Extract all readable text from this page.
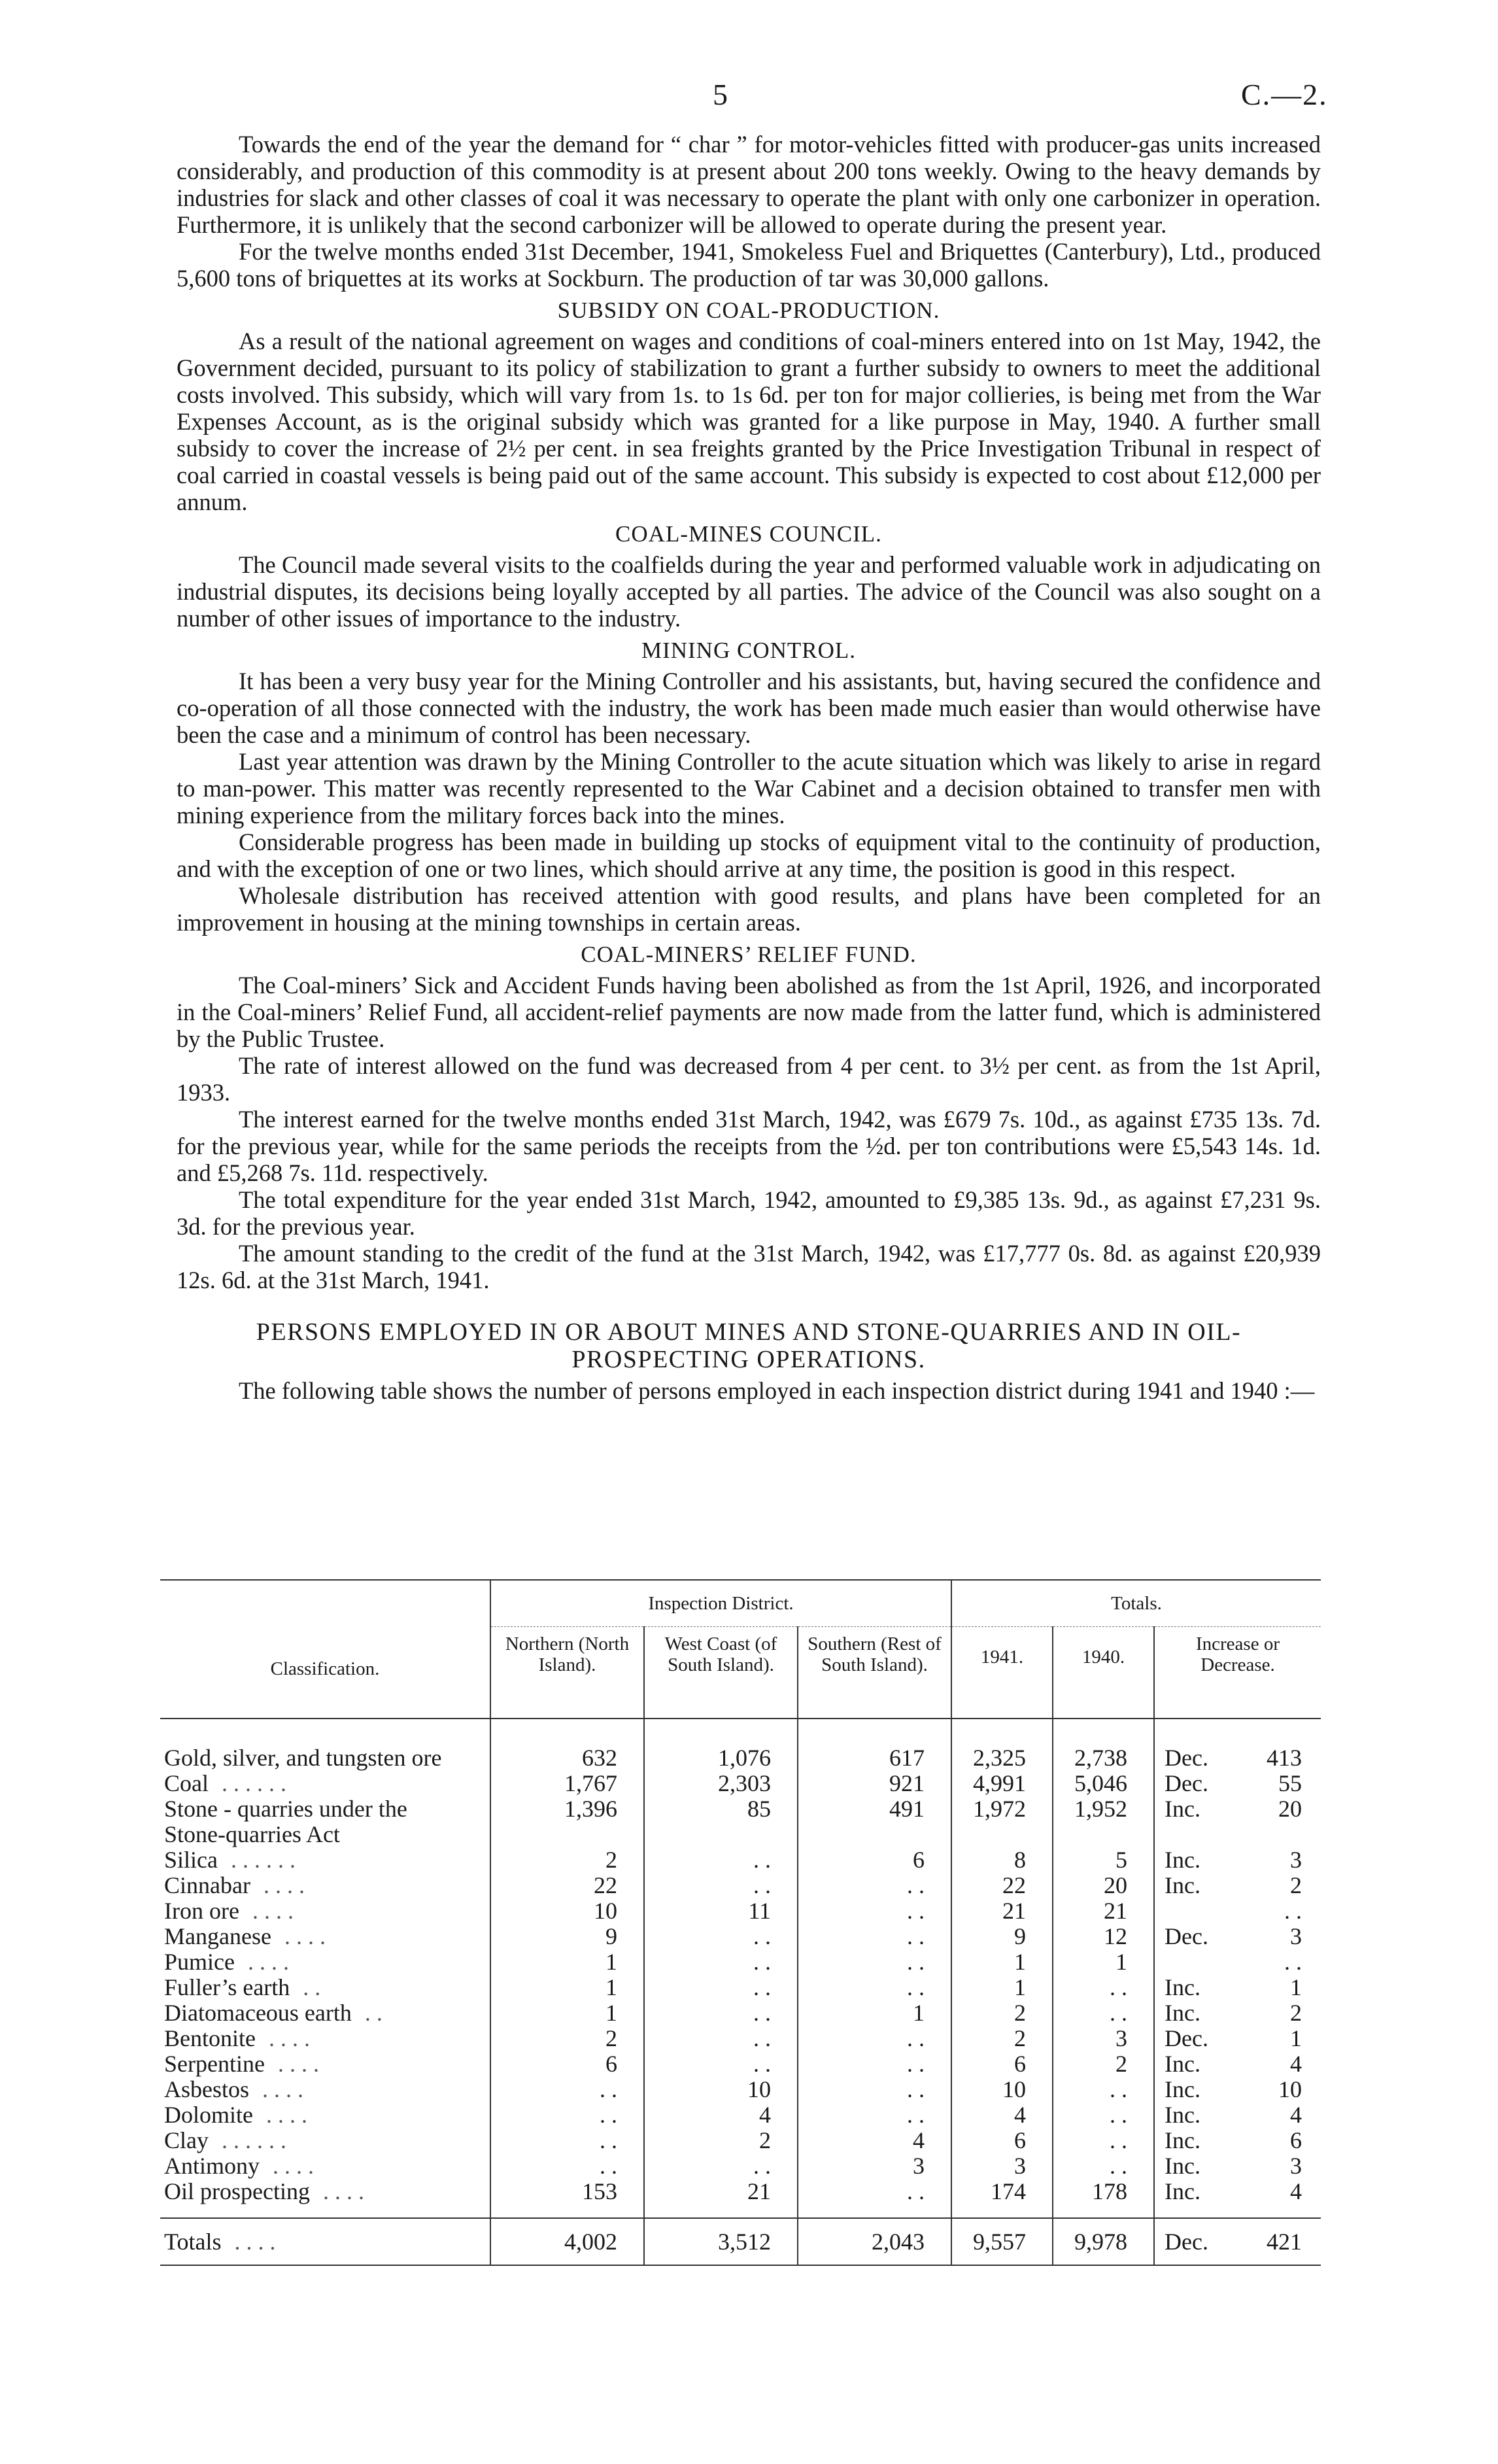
5	C.—2.

Towards the end of the year the demand for “ char ” for motor-vehicles fitted with producer-gas units increased considerably, and production of this commodity is at present about 200 tons weekly. Owing to the heavy demands by industries for slack and other classes of coal it was necessary to operate the plant with only one carbonizer in operation. Furthermore, it is unlikely that the second carbonizer will be allowed to operate during the present year.

For the twelve months ended 31st December, 1941, Smokeless Fuel and Briquettes (Canterbury), Ltd., produced 5,600 tons of briquettes at its works at Sockburn. The production of tar was 30,000 gallons.

SUBSIDY ON COAL-PRODUCTION.

As a result of the national agreement on wages and conditions of coal-miners entered into on 1st May, 1942, the Government decided, pursuant to its policy of stabilization to grant a further subsidy to owners to meet the additional costs involved. This subsidy, which will vary from 1s. to 1s 6d. per ton for major collieries, is being met from the War Expenses Account, as is the original subsidy which was granted for a like purpose in May, 1940. A further small subsidy to cover the increase of 2½ per cent. in sea freights granted by the Price Investigation Tribunal in respect of coal carried in coastal vessels is being paid out of the same account. This subsidy is expected to cost about £12,000 per annum.

COAL-MINES COUNCIL.

The Council made several visits to the coalfields during the year and performed valuable work in adjudicating on industrial disputes, its decisions being loyally accepted by all parties. The advice of the Council was also sought on a number of other issues of importance to the industry.

MINING CONTROL.

It has been a very busy year for the Mining Controller and his assistants, but, having secured the confidence and co-operation of all those connected with the industry, the work has been made much easier than would otherwise have been the case and a minimum of control has been necessary.

Last year attention was drawn by the Mining Controller to the acute situation which was likely to arise in regard to man-power. This matter was recently represented to the War Cabinet and a decision obtained to transfer men with mining experience from the military forces back into the mines.

Considerable progress has been made in building up stocks of equipment vital to the continuity of production, and with the exception of one or two lines, which should arrive at any time, the position is good in this respect.

Wholesale distribution has received attention with good results, and plans have been completed for an improvement in housing at the mining townships in certain areas.

COAL-MINERS’ RELIEF FUND.

The Coal-miners’ Sick and Accident Funds having been abolished as from the 1st April, 1926, and incorporated in the Coal-miners’ Relief Fund, all accident-relief payments are now made from the latter fund, which is administered by the Public Trustee.

The rate of interest allowed on the fund was decreased from 4 per cent. to 3½ per cent. as from the 1st April, 1933.

The interest earned for the twelve months ended 31st March, 1942, was £679 7s. 10d., as against £735 13s. 7d. for the previous year, while for the same periods the receipts from the ½d. per ton contributions were £5,543 14s. 1d. and £5,268 7s. 11d. respectively.

The total expenditure for the year ended 31st March, 1942, amounted to £9,385 13s. 9d., as against £7,231 9s. 3d. for the previous year.

The amount standing to the credit of the fund at the 31st March, 1942, was £17,777 0s. 8d. as against £20,939 12s. 6d. at the 31st March, 1941.

PERSONS EMPLOYED IN OR ABOUT MINES AND STONE-QUARRIES AND IN OIL-PROSPECTING OPERATIONS.

The following table shows the number of persons employed in each inspection district during 1941 and 1940 :—

Classification.	Inspection District.			Totals.		
	Northern (North Island).	West Coast (of South Island).	Southern (Rest of South Island).	1941.	1940.	Increase or Decrease.

Gold, silver, and tungsten ore	632	1,076	617	2,325	2,738	Dec. 413
Coal . . . . . .	1,767	2,303	921	4,991	5,046	Dec. 55
Stone - quarries under the	1,396	85	491	1,972	1,952	Inc. 20
Stone-quarries Act						
Silica . . . . . .	2	. .	6	8	5	Inc. 3
Cinnabar . . . .	22	. .	. .	22	20	Inc. 2
Iron ore . . . .	10	11	. .	21	21	. .
Manganese . . . .	9	. .	. .	9	12	Dec. 3
Pumice . . . .	1	. .	. .	1	1	. .
Fuller’s earth . .	1	. .	. .	1	. .	Inc. 1
Diatomaceous earth . .	1	. .	1	2	. .	Inc. 2
Bentonite . . . .	2	. .	. .	2	3	Dec. 1
Serpentine . . . .	6	. .	. .	6	2	Inc. 4
Asbestos . . . .	. .	10	. .	10	. .	Inc. 10
Dolomite . . . .	. .	4	. .	4	. .	Inc. 4
Clay . . . . . .	. .	2	4	6	. .	Inc. 6
Antimony . . . .	. .	. .	3	3	. .	Inc. 3
Oil prospecting . . . .	153	21	. .	174	178	Inc. 4

Totals . . . .	4,002	3,512	2,043	9,557	9,978	Dec. 421
